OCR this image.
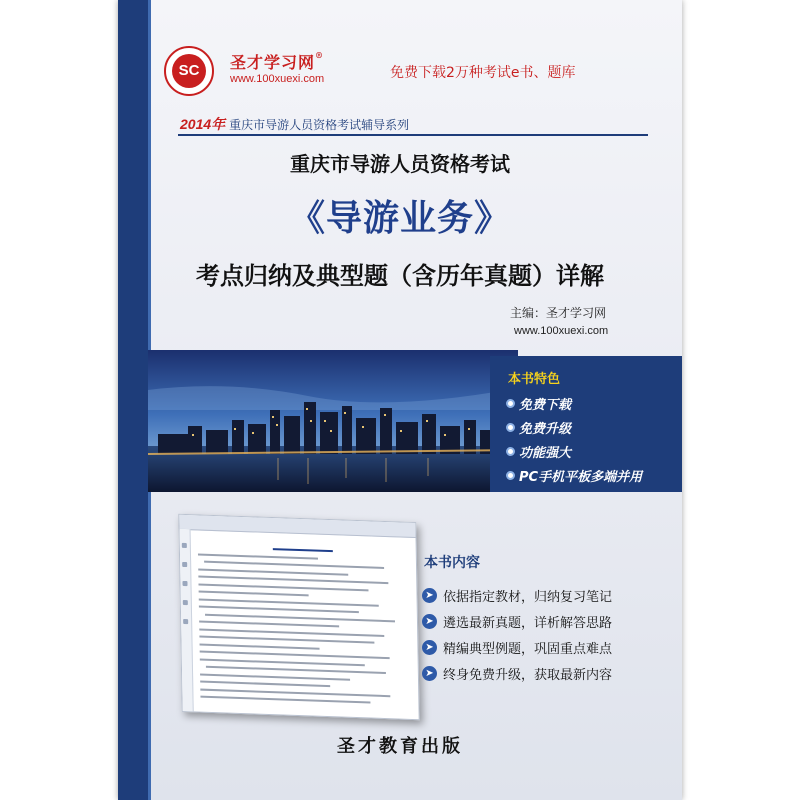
SC	圣才学习网®
www.100xuexi.com	免费下载2万种考试e书、题库
2014年 重庆市导游人员资格考试辅导系列
重庆市导游人员资格考试
《导游业务》
考点归纳及典型题（含历年真题）详解
主编：圣才学习网
www.100xuexi.com
本书特色
免费下载
免费升级
功能强大
PC手机平板多端并用
本书内容
➤ 依据指定教材，归纳复习笔记
➤ 遴选最新真题，详析解答思路
➤ 精编典型例题，巩固重点难点
➤ 终身免费升级，获取最新内容
圣才教育出版
